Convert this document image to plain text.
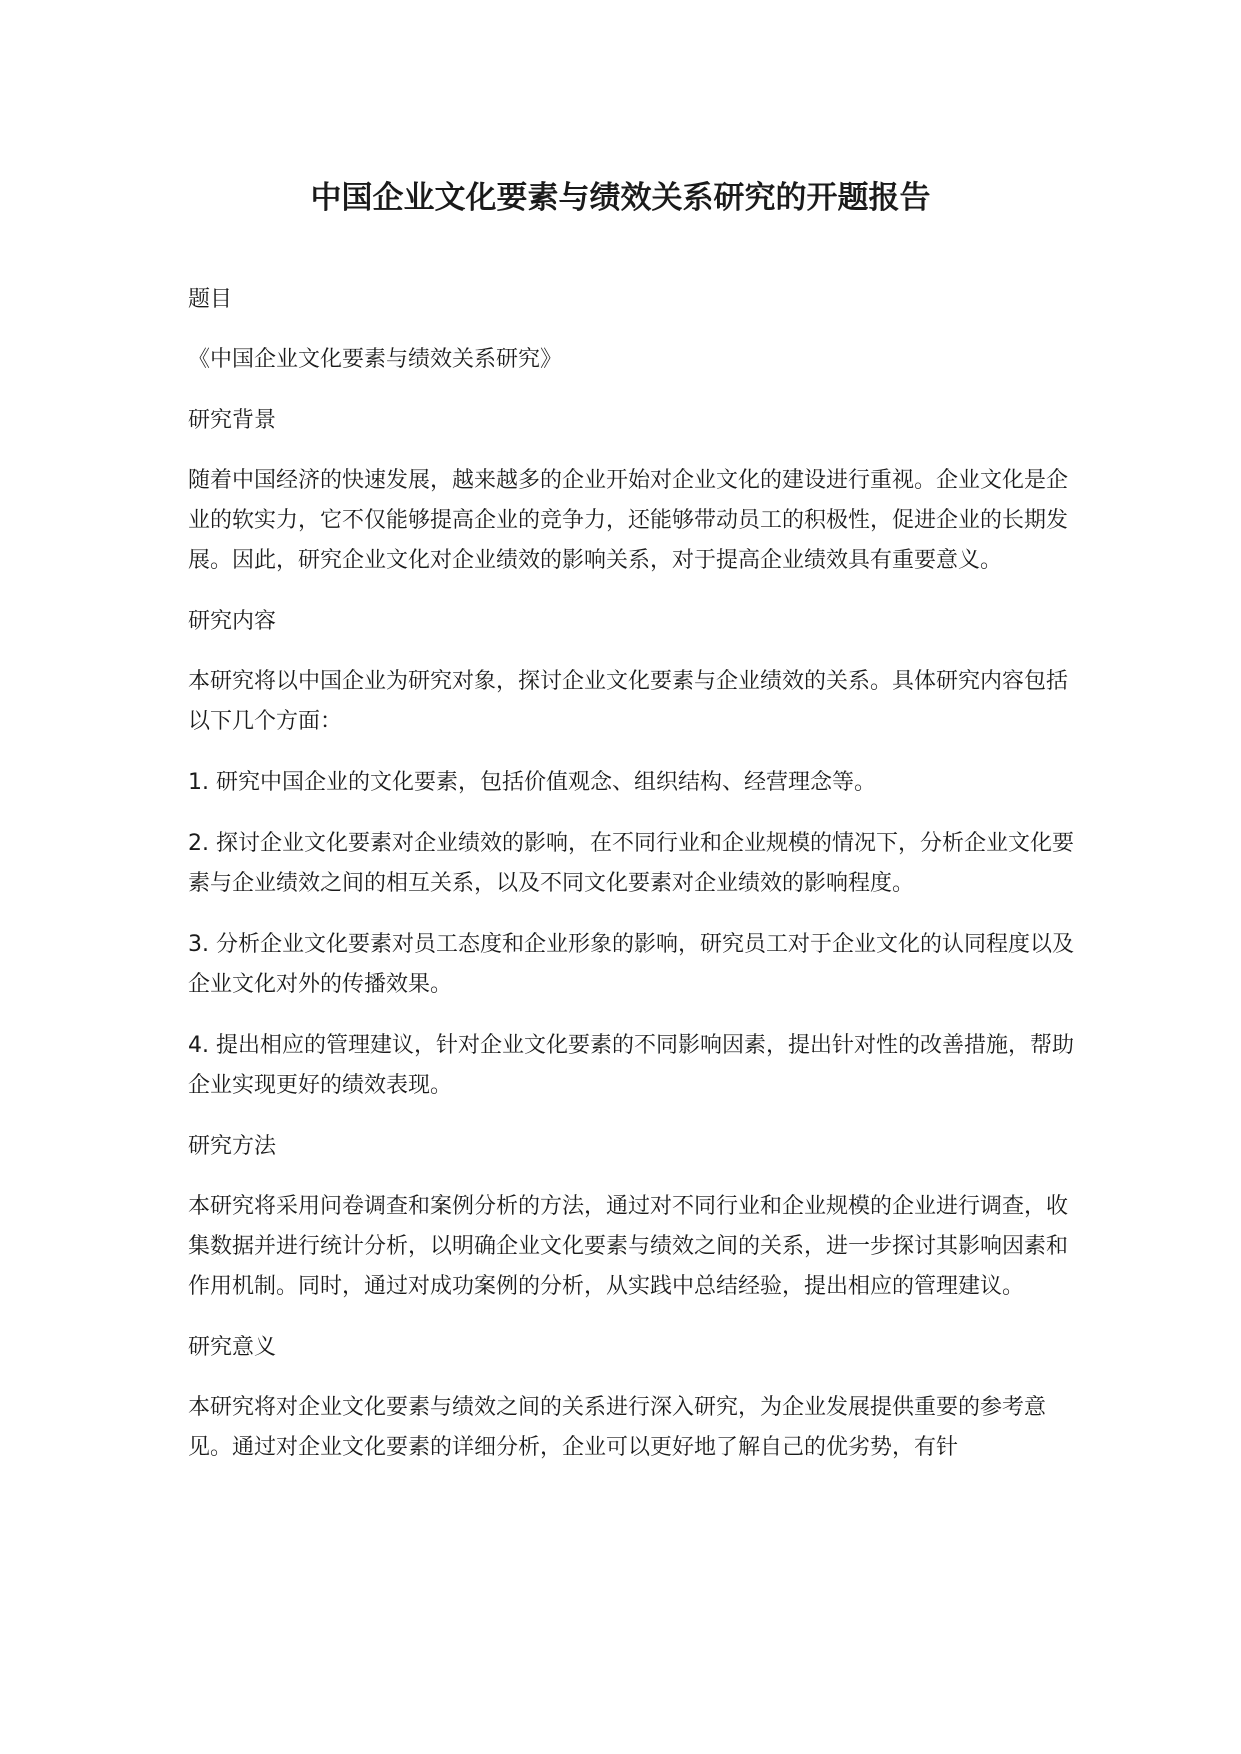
中国企业文化要素与绩效关系研究的开题报告

题目

《中国企业文化要素与绩效关系研究》

研究背景

随着中国经济的快速发展，越来越多的企业开始对企业文化的建设进行重视。企业文化是企业的软实力，它不仅能够提高企业的竞争力，还能够带动员工的积极性，促进企业的长期发展。因此，研究企业文化对企业绩效的影响关系，对于提高企业绩效具有重要意义。

研究内容

本研究将以中国企业为研究对象，探讨企业文化要素与企业绩效的关系。具体研究内容包括以下几个方面：

1. 研究中国企业的文化要素，包括价值观念、组织结构、经营理念等。

2. 探讨企业文化要素对企业绩效的影响，在不同行业和企业规模的情况下，分析企业文化要素与企业绩效之间的相互关系，以及不同文化要素对企业绩效的影响程度。

3. 分析企业文化要素对员工态度和企业形象的影响，研究员工对于企业文化的认同程度以及企业文化对外的传播效果。

4. 提出相应的管理建议，针对企业文化要素的不同影响因素，提出针对性的改善措施，帮助企业实现更好的绩效表现。

研究方法

本研究将采用问卷调查和案例分析的方法，通过对不同行业和企业规模的企业进行调查，收集数据并进行统计分析，以明确企业文化要素与绩效之间的关系，进一步探讨其影响因素和作用机制。同时，通过对成功案例的分析，从实践中总结经验，提出相应的管理建议。

研究意义

本研究将对企业文化要素与绩效之间的关系进行深入研究，为企业发展提供重要的参考意见。通过对企业文化要素的详细分析，企业可以更好地了解自己的优劣势，有针
